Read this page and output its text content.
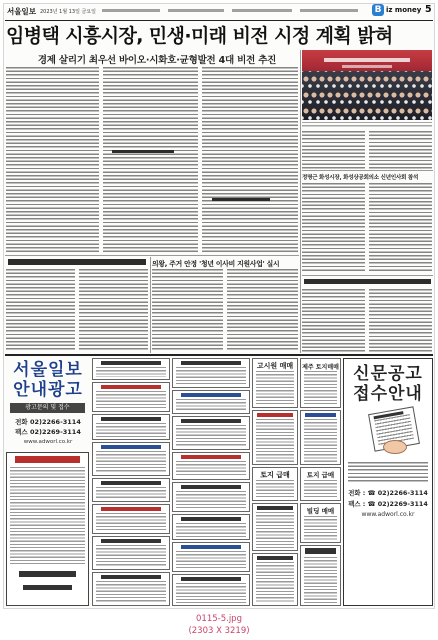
서울일보 2023년 1월 13일 금요일	B iz money 5
임병택 시흥시장, 민생·미래 비전 시정 계획 밝혀
경제 살리기 최우선 바이오·시화호·균형발전 4대 비전 추진
정명근 화성시장, 화성상공회의소 신년인사회 참석
의왕, 주거 안정 '청년 이사비 지원사업' 실시
서울일보
안내광고
광고문의 및 접수
전화 02)2266-3114
팩스 02)2269-3114
www.adworl.co.kr
고시원 매매
토지 급매
제주 토지매매
토지 급매
빌딩 매매
신문공고
접수안내
전화 : ☎ 02)2266-3114
팩스 : ☎ 02)2269-3114
www.adworl.co.kr
0115-5.jpg
(2303 X 3219)
